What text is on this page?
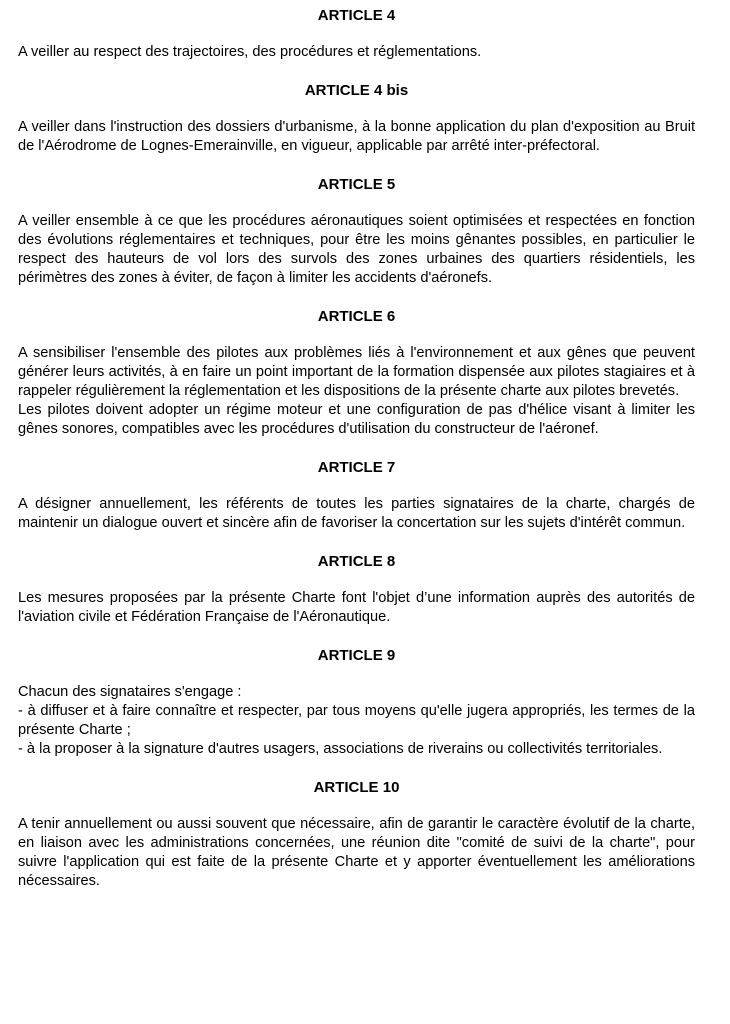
ARTICLE 4

A veiller au respect des trajectoires, des procédures et réglementations.

ARTICLE 4 bis

A veiller dans l'instruction des dossiers d'urbanisme, à la bonne application du plan d'exposition au Bruit de l'Aérodrome de Lognes-Emerainville, en vigueur, applicable par arrêté inter-préfectoral.

ARTICLE 5

A veiller ensemble à ce que les procédures aéronautiques soient optimisées et respectées en fonction des évolutions réglementaires et techniques, pour être les moins gênantes possibles, en particulier le respect des hauteurs de vol lors des survols des zones urbaines des quartiers résidentiels, les périmètres des zones à éviter, de façon à limiter les accidents d'aéronefs.

ARTICLE 6

A sensibiliser l'ensemble des pilotes aux problèmes liés à l'environnement et aux gênes que peuvent générer leurs activités, à en faire un point important de la formation dispensée aux pilotes stagiaires et à rappeler régulièrement la réglementation et les dispositions de la présente charte aux pilotes brevetés.

Les pilotes doivent adopter un régime moteur et une configuration de pas d'hélice visant à limiter les gênes sonores, compatibles avec les procédures d'utilisation du constructeur de l'aéronef.

ARTICLE 7

A désigner annuellement, les référents de toutes les parties signataires de la charte, chargés de maintenir un dialogue ouvert et sincère afin de favoriser la concertation sur les sujets d'intérêt commun.

ARTICLE 8

Les mesures proposées par la présente Charte font l'objet d’une information auprès des autorités de l'aviation civile et Fédération Française de l'Aéronautique.

ARTICLE 9

Chacun des signataires s'engage :

- à diffuser et à faire connaître et respecter, par tous moyens qu'elle jugera appropriés, les termes de la présente Charte ;

- à la proposer à la signature d'autres usagers, associations de riverains ou collectivités territoriales.

ARTICLE 10

A tenir annuellement ou aussi souvent que nécessaire, afin de garantir le caractère évolutif de la charte, en liaison avec les administrations concernées, une réunion dite "comité de suivi de la charte", pour suivre l'application qui est faite de la présente Charte et y apporter éventuellement les améliorations nécessaires.
